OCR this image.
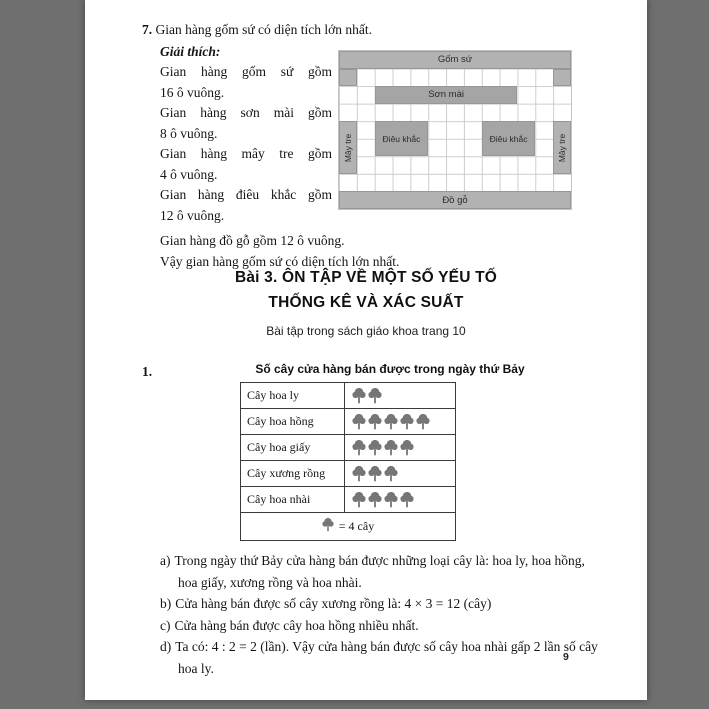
7. Gian hàng gốm sứ có diện tích lớn nhất.
Giải thích:
Gian hàng gốm sứ gồm
16 ô vuông.
Gian hàng sơn mài gồm
8 ô vuông.
Gian hàng mây tre gồm
4 ô vuông.
Gian hàng điêu khắc gồm
12 ô vuông.
Gốm sứ
Sơn mài
Điêu khắc	Điêu khắc
Mây tre	Mây tre
Đồ gỗ
Gian hàng đồ gỗ gồm 12 ô vuông.
Vậy gian hàng gốm sứ có diện tích lớn nhất.
Bài 3. ÔN TẬP VỀ MỘT SỐ YẾU TỐ
THỐNG KÊ VÀ XÁC SUẤT
Bài tập trong sách giáo khoa trang 10
1.	Số cây cửa hàng bán được trong ngày thứ Bảy
Cây hoa ly
Cây hoa hồng
Cây hoa giấy
Cây xương rồng
Cây hoa nhài
= 4 cây
a) Trong ngày thứ Bảy cửa hàng bán được những loại cây là: hoa ly, hoa hồng, hoa giấy, xương rồng và hoa nhài.
b) Cửa hàng bán được số cây xương rồng là: 4 × 3 = 12 (cây)
c) Cửa hàng bán được cây hoa hồng nhiều nhất.
d) Ta có: 4 : 2 = 2 (lần). Vậy cửa hàng bán được số cây hoa nhài gấp 2 lần số cây hoa ly.
9
